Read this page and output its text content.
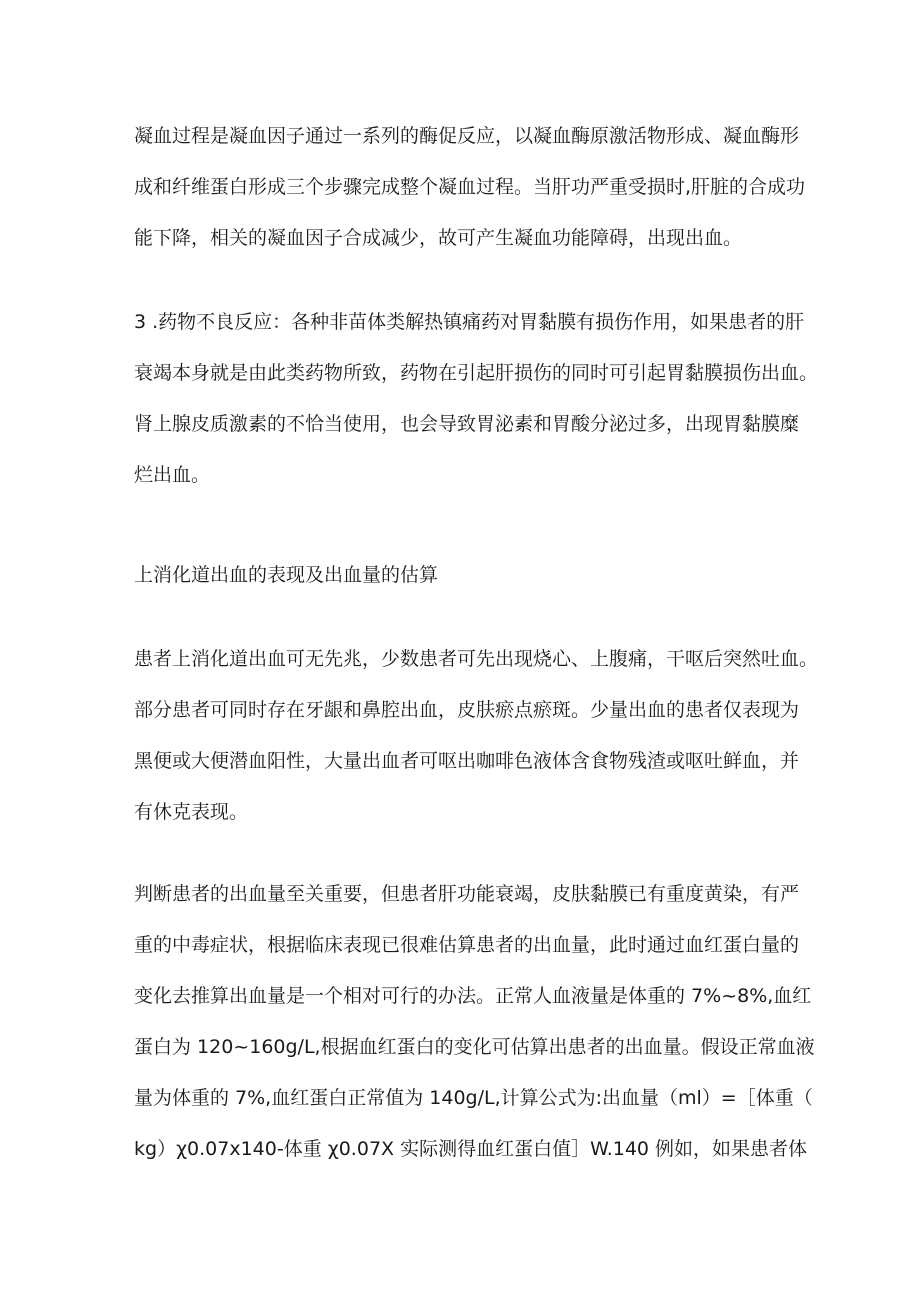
凝血过程是凝血因子通过一系列的酶促反应，以凝血酶原激活物形成、凝血酶形
成和纤维蛋白形成三个步骤完成整个凝血过程。当肝功严重受损时,肝脏的合成功
能下降，相关的凝血因子合成减少，故可产生凝血功能障碍，出现出血。

3 .药物不良反应：各种非苗体类解热镇痛药对胃黏膜有损伤作用，如果患者的肝
衰竭本身就是由此类药物所致，药物在引起肝损伤的同时可引起胃黏膜损伤出血。
肾上腺皮质激素的不恰当使用，也会导致胃泌素和胃酸分泌过多，出现胃黏膜糜
烂出血。

上消化道出血的表现及出血量的估算

患者上消化道出血可无先兆，少数患者可先出现烧心、上腹痛，干呕后突然吐血。
部分患者可同时存在牙龈和鼻腔出血，皮肤瘀点瘀斑。少量出血的患者仅表现为
黑便或大便潜血阳性，大量出血者可呕出咖啡色液体含食物残渣或呕吐鲜血，并
有休克表现。

判断患者的出血量至关重要，但患者肝功能衰竭，皮肤黏膜已有重度黄染，有严
重的中毒症状，根据临床表现已很难估算患者的出血量，此时通过血红蛋白量的
变化去推算出血量是一个相对可行的办法。正常人血液量是体重的 7%~8%,血红
蛋白为 120~160g∕L,根据血红蛋白的变化可估算出患者的出血量。假设正常血液
量为体重的 7%,血红蛋白正常值为 140g∕L,计算公式为:出血量（ml）=［体重（
kg）χ0.07x140-体重 χ0.07X 实际测得血红蛋白值］W.140 例如，如果患者体
